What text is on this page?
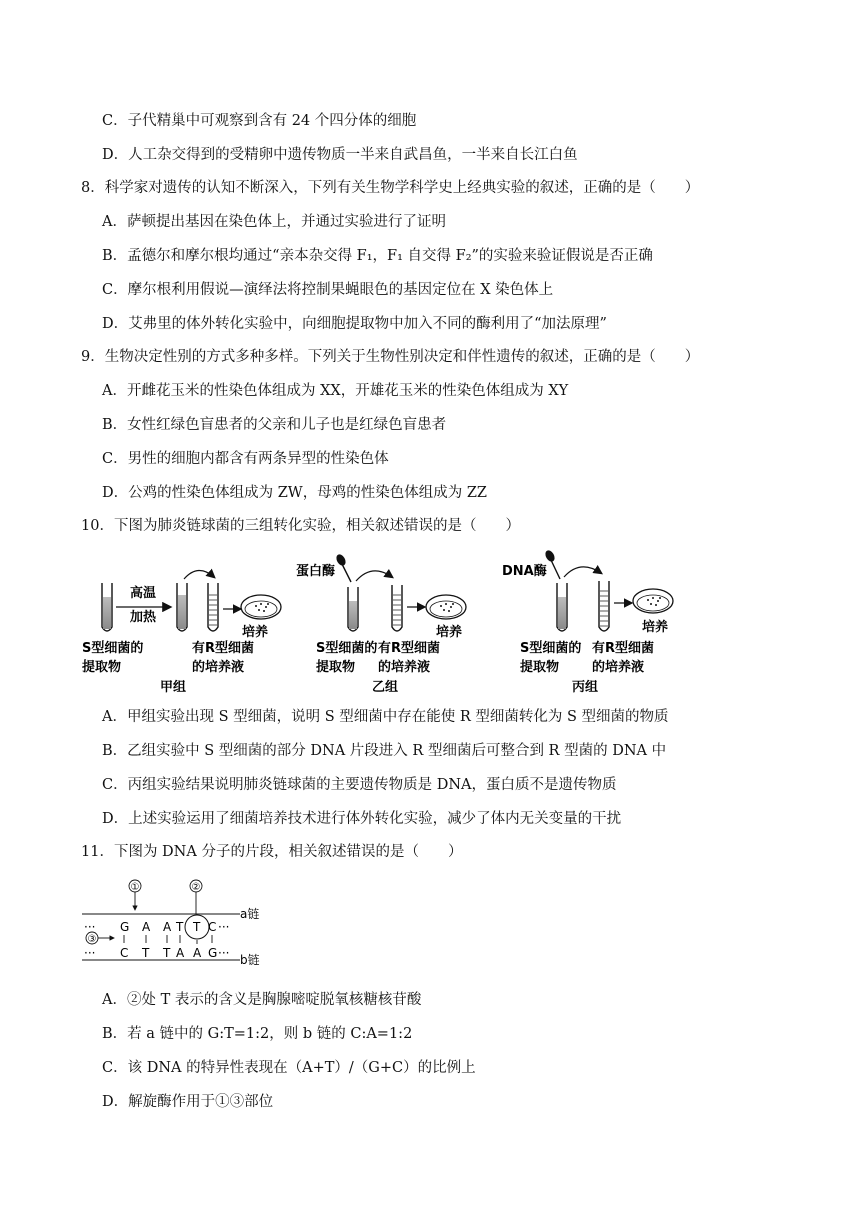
C．子代精巢中可观察到含有 24 个四分体的细胞
D．人工杂交得到的受精卵中遗传物质一半来自武昌鱼，一半来自长江白鱼
8．科学家对遗传的认知不断深入，下列有关生物学科学史上经典实验的叙述，正确的是（　　）
A．萨顿提出基因在染色体上，并通过实验进行了证明
B．孟德尔和摩尔根均通过“亲本杂交得 F₁，F₁ 自交得 F₂”的实验来验证假说是否正确
C．摩尔根利用假说—演绎法将控制果蝇眼色的基因定位在 X 染色体上
D．艾弗里的体外转化实验中，向细胞提取物中加入不同的酶利用了“加法原理”
9．生物决定性别的方式多种多样。下列关于生物性别决定和伴性遗传的叙述，正确的是（　　）
A．开雌花玉米的性染色体组成为 XX，开雄花玉米的性染色体组成为 XY
B．女性红绿色盲患者的父亲和儿子也是红绿色盲患者
C．男性的细胞内都含有两条异型的性染色体
D．公鸡的性染色体组成为 ZW，母鸡的性染色体组成为 ZZ
10．下图为肺炎链球菌的三组转化实验，相关叙述错误的是（　　）
高温
加热
培养
S型细菌的
提取物
有R型细菌
的培养液
甲组
蛋白酶
培养
S型细菌的
提取物
有R型细菌
的培养液
乙组
DNA酶
培养
S型细菌的
提取物
有R型细菌
的培养液
丙组
A．甲组实验出现 S 型细菌，说明 S 型细菌中存在能使 R 型细菌转化为 S 型细菌的物质
B．乙组实验中 S 型细菌的部分 DNA 片段进入 R 型细菌后可整合到 R 型菌的 DNA 中
C．丙组实验结果说明肺炎链球菌的主要遗传物质是 DNA，蛋白质不是遗传物质
D．上述实验运用了细菌培养技术进行体外转化实验，减少了体内无关变量的干扰
11．下图为 DNA 分子的片段，相关叙述错误的是（　　）
a链
b链
①	②
③
··· G A A T T C ···
··· C T T A A G ···
A．②处 T 表示的含义是胸腺嘧啶脱氧核糖核苷酸
B．若 a 链中的 G:T=1:2，则 b 链的 C:A=1:2
C．该 DNA 的特异性表现在（A+T）/（G+C）的比例上
D．解旋酶作用于①③部位
